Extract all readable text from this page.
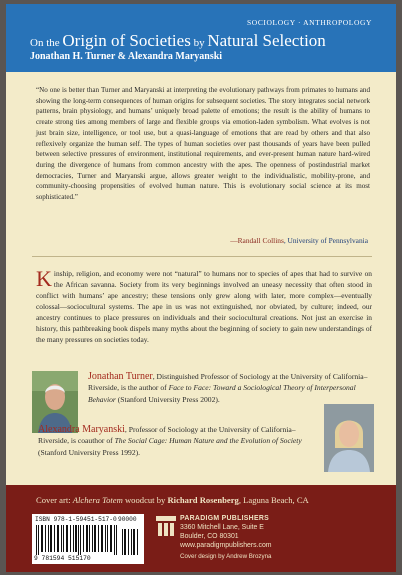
SOCIOLOGY · ANTHROPOLOGY
On the Origin of Societies by Natural Selection
Jonathan H. Turner & Alexandra Maryanski

“No one is better than Turner and Maryanski at interpreting the evolutionary pathways from primates to humans and showing the long-term consequences of human origins for subsequent societies. The story integrates social network patterns, brain physiology, and humans’ uniquely broad palette of emotions; the result is the ability of humans to create strong ties among members of large and flexible groups via emotion-laden symbolism. What evolves is not just brain size, intelligence, or tool use, but a quasi-language of emotions that are read by others and that also reflexively organize the human self. The types of human societies over past thousands of years have been pulled between selective pressures of environment, institutional requirements, and ever-present human nature hard-wired during the divergence of humans from common ancestry with the apes. The openness of postindustrial market democracies, Turner and Maryanski argue, allows greater weight to the individualistic, mobility-prone, and community-choosing propensities of evolved human nature. This is evolutionary social science at its most sophisticated.”

—Randall Collins, University of Pennsylvania

Kinship, religion, and economy were not “natural” to humans nor to species of apes that had to survive on the African savanna. Society from its very beginnings involved an uneasy necessity that often stood in conflict with humans’ ape ancestry; these tensions only grew along with later, more complex—eventually colossal—sociocultural systems. The ape in us was not extinguished, nor obviated, by culture; indeed, our ancestry continues to place pressures on individuals and their sociocultural creations. Not just an exercise in history, this pathbreaking book dispels many myths about the beginning of society to gain new understandings of the many pressures on societies today.

Jonathan Turner, Distinguished Professor of Sociology at the University of California–Riverside, is the author of Face to Face: Toward a Sociological Theory of Interpersonal Behavior (Stanford University Press 2002).

Alexandra Maryanski, Professor of Sociology at the University of California–Riverside, is coauthor of The Social Cage: Human Nature and the Evolution of Society (Stanford University Press 1992).

Cover art: Alchera Totem woodcut by Richard Rosenberg, Laguna Beach, CA
ISBN 978-1-59451-517-0
9 781594 515170
90000	PARADIGM PUBLISHERS
3360 Mitchell Lane, Suite E
Boulder, CO 80301
www.paradigmpublishers.com
Cover design by Andrew Brozyna
